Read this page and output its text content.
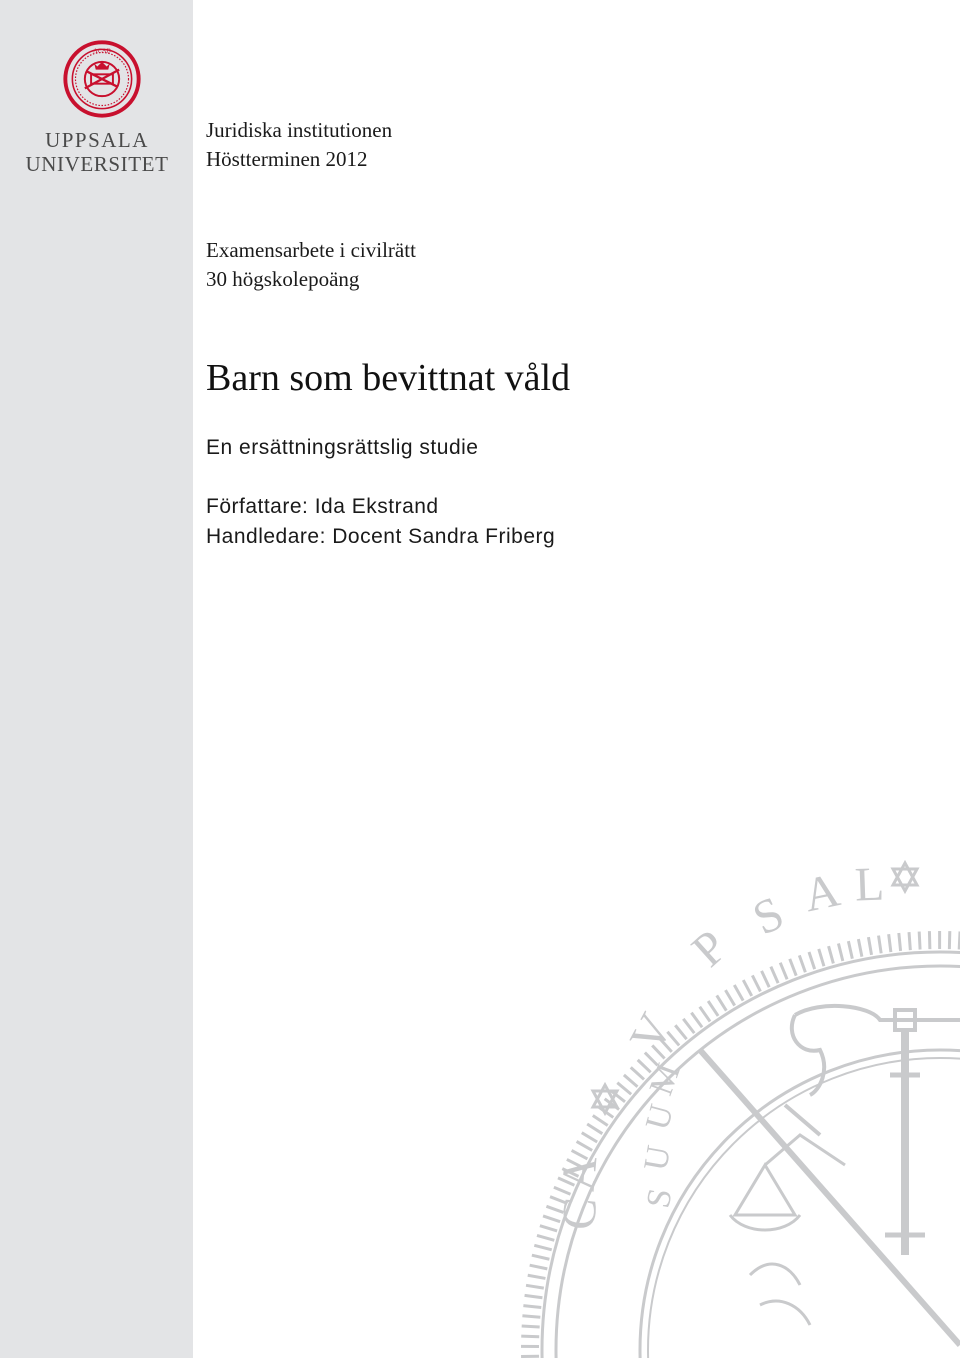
ACAD
UPPSALA
UNIVERSITET
Juridiska institutionen
Höstterminen 2012
Examensarbete i civilrätt
30 högskolepoäng
Barn som bevittnat våld
En ersättningsrättslig studie
Författare: Ida Ekstrand
Handledare: Docent Sandra Friberg
V
P
S A L
C
A
S
U
U
M
